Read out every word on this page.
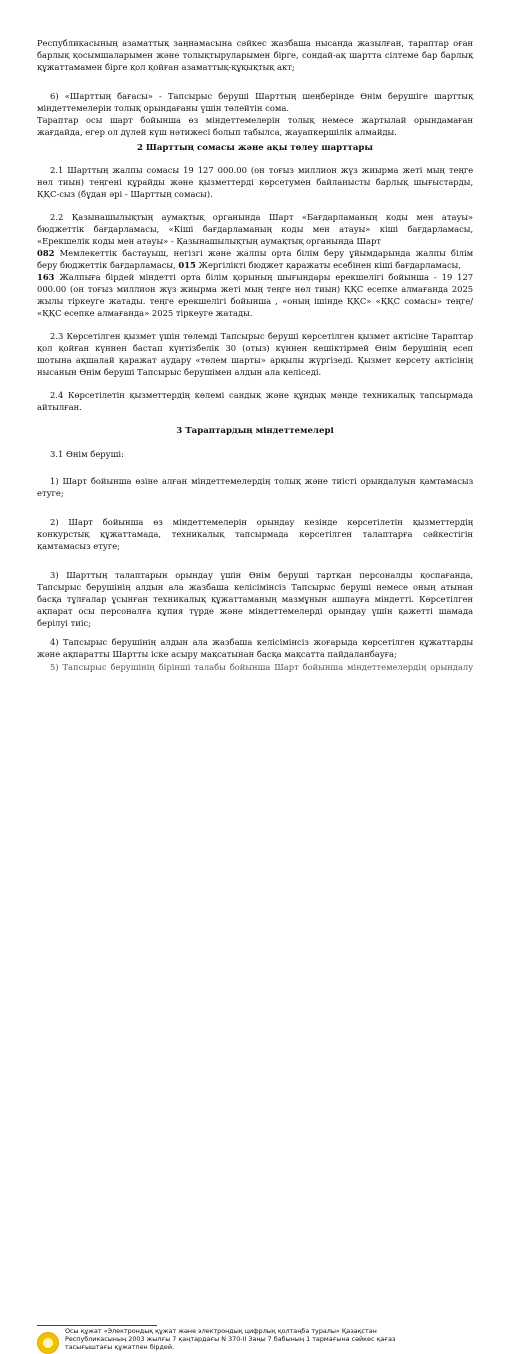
Республикасының азаматтық заңнамасына сәйкес жазбаша нысанда жазылған, тараптар оған
барлық қосымшаларымен және толықтыруларымен бірге, сондай-ақ шартта сілтеме бар барлық
құжаттамамен бірге қол қойған азаматтық-құқықтық акт;
6) «Шарттың бағасы» - Тапсырыс беруші Шарттың шеңберінде Өнім берушіге шарттық
міндеттемелерін толық орындағаны үшін төлейтін сома.
Тараптар осы шарт бойынша өз міндеттемелерін толық немесе жартылай орындамаған
жағдайда, егер ол дүлей күш нәтижесі болып табылса, жауапкершілік алмайды.
2 Шарттың сомасы және ақы төлеу шарттары
2.1 Шарттың жалпы сомасы 19 127 000.00 (он тоғыз миллион жүз жиырма жеті мың теңге
нөл тиын) теңгені құрайды және қызметтерді көрсетумен байланысты барлық шығыстарды,
ҚҚС-сыз (бұдан әрі - Шарттың сомасы).
2.2 Қазынашылықтың аумақтық органында Шарт «Бағдарламаның коды мен атауы»
бюджеттік бағдарламасы, «Кіші бағдарламаның коды мен атауы» кіші бағдарламасы,
«Ерекшелік коды мен атауы» - Қазынашылықтың аумақтық органында Шарт
082 Мемлекеттік бастауыш, негізгі және жалпы орта білім беру ұйымдарында жалпы білім
беру бюджеттік бағдарламасы, 015 Жергілікті бюджет қаражаты есебінен кіші бағдарламасы,
163 Жалпыға бірдей міндетті орта білім қорының шығындары ерекшелігі бойынша - 19 127
000.00 (он тоғыз миллион жүз жиырма жеті мың теңге нөл тиын) ҚҚС есепке алмағанда 2025
жылы тіркеуге жатады. теңге ерекшелігі бойынша , «оның ішінде ҚҚС» «ҚҚС сомасы» теңге/
«ҚҚС есепке алмағанда» 2025 тіркеуге жатады.
2.3 Көрсетілген қызмет үшін төлемді Тапсырыс беруші көрсетілген қызмет актісіне Тараптар
қол қойған күннен бастап күнтізбелік 30 (отыз) күннен кешіктірмей Өнім берушінің есеп
шотына ақшалай қаражат аудару «төлем шарты» арқылы жүргізеді. Қызмет көрсету актісінің
нысанын Өнім беруші Тапсырыс берушімен алдын ала келіседі.
2.4 Көрсетілетін қызметтердің көлемі сандық және құндық мәнде техникалық тапсырмада
айтылған.
3 Тараптардың міндеттемелері
3.1 Өнім беруші:
1) Шарт бойынша өзіне алған міндеттемелердің толық және тиісті орындалуын қамтамасыз
етуге;
2) Шарт бойынша өз міндеттемелерін орындау кезінде көрсетілетін қызметтердің
конкурстық құжаттамада, техникалық тапсырмада көрсетілген талаптарға сәйкестігін
қамтамасыз етуге;
3) Шарттың талаптарын орындау үшін Өнім беруші тартқан персоналды қоспағанда,
Тапсырыс берушінің алдын ала жазбаша келісімінсіз Тапсырыс беруші немесе оның атынан
басқа тұлғалар ұсынған техникалық құжаттаманың мазмұнын ашпауға міндетті. Көрсетілген
ақпарат осы персоналға құпия түрде және міндеттемелерді орындау үшін қажетті шамада
берілуі тиіс;
4) Тапсырыс берушінің алдын ала жазбаша келісімінсіз жоғарыда көрсетілген құжаттарды
және ақпаратты Шартты іске асыру мақсатынан басқа мақсатта пайдаланбауға;
5) Тапсырыс берушінің бірінші талабы бойынша Шарт бойынша міндеттемелердің орындалу
Осы құжат «Электрондық құжат және электрондық цифрлық қолтаңба туралы» Қазақстан
Республикасының 2003 жылғы 7 қаңтардағы N 370-II Заңы 7 бабының 1 тармағына сәйкес қағаз
тасығыштағы құжатпен бірдей.
